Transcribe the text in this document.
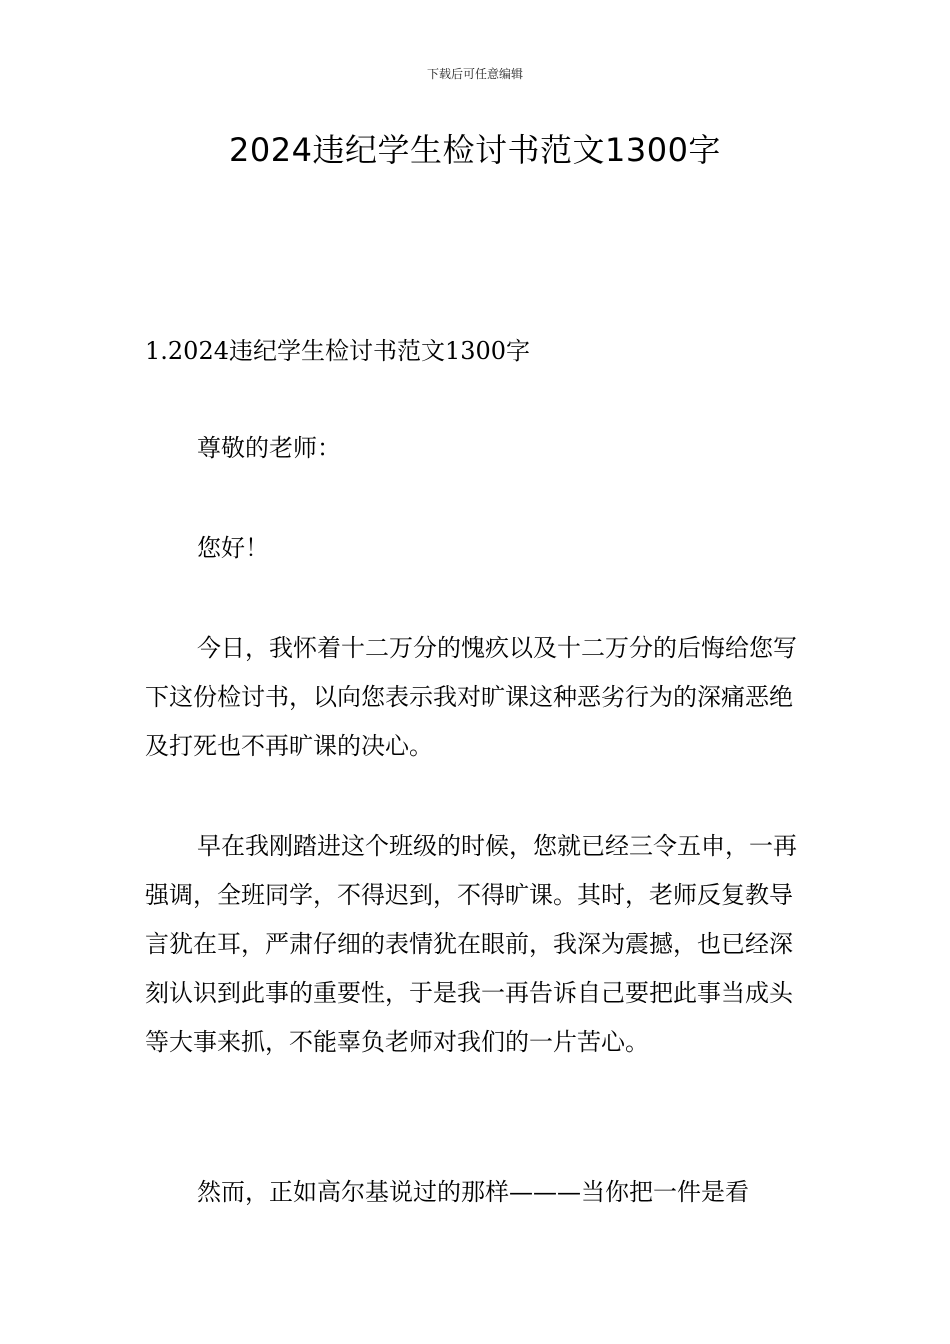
下载后可任意编辑
2024违纪学生检讨书范文1300字

1.2024违纪学生检讨书范文1300字

尊敬的老师：

您好！

今日，我怀着十二万分的愧疚以及十二万分的后悔给您写下这份检讨书，以向您表示我对旷课这种恶劣行为的深痛恶绝及打死也不再旷课的决心。

早在我刚踏进这个班级的时候，您就已经三令五申，一再强调，全班同学，不得迟到，不得旷课。其时，老师反复教导言犹在耳，严肃仔细的表情犹在眼前，我深为震撼，也已经深刻认识到此事的重要性，于是我一再告诉自己要把此事当成头等大事来抓，不能辜负老师对我们的一片苦心。

然而，正如高尔基说过的那样———当你把一件是看
